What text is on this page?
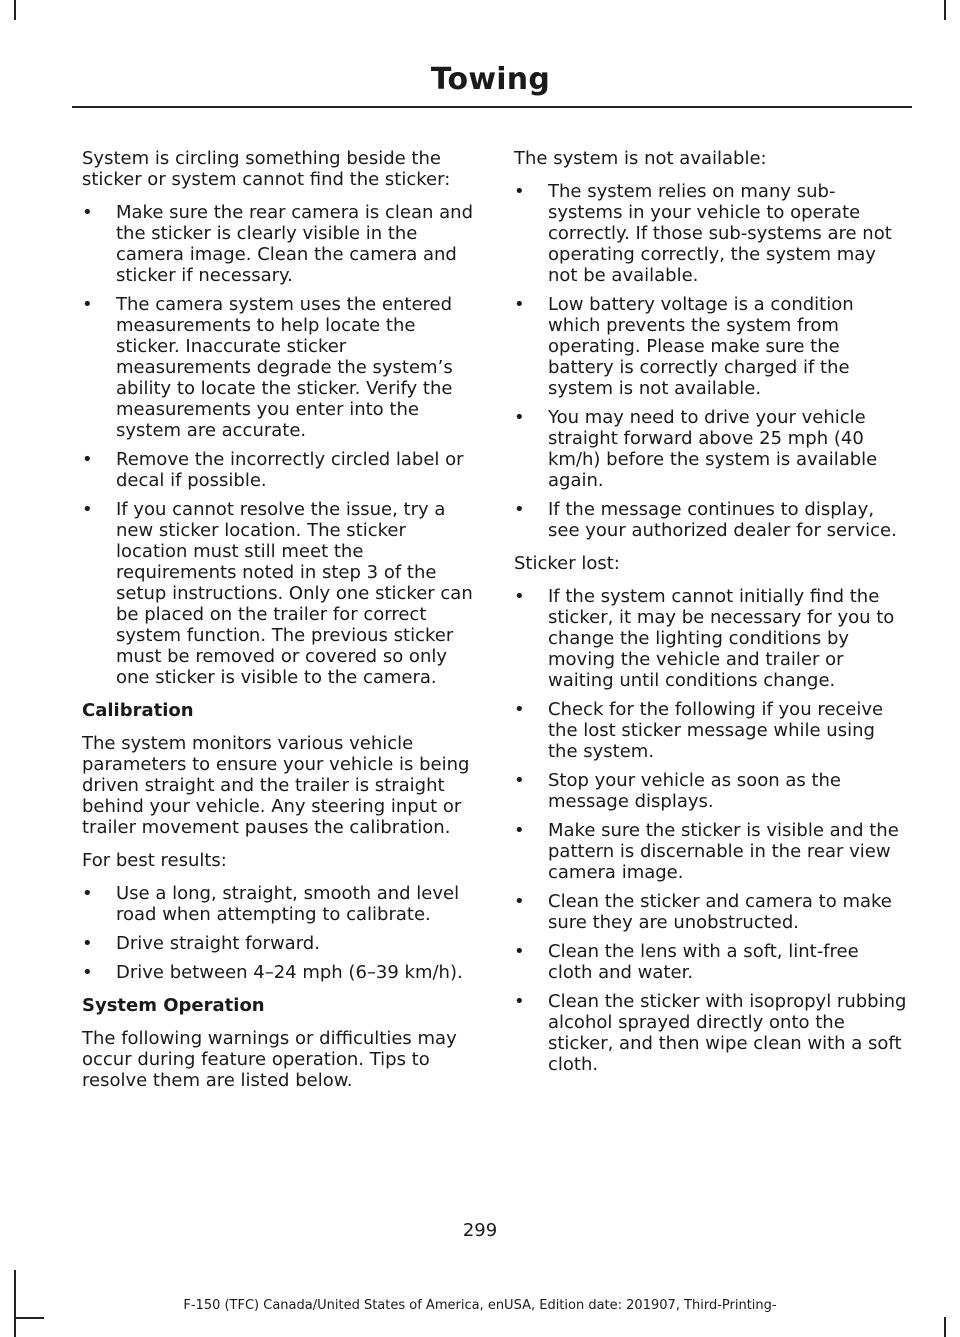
Towing

System is circling something beside the sticker or system cannot find the sticker:

• Make sure the rear camera is clean and the sticker is clearly visible in the camera image. Clean the camera and sticker if necessary.
• The camera system uses the entered measurements to help locate the sticker. Inaccurate sticker measurements degrade the system’s ability to locate the sticker. Verify the measurements you enter into the system are accurate.
• Remove the incorrectly circled label or decal if possible.
• If you cannot resolve the issue, try a new sticker location. The sticker location must still meet the requirements noted in step 3 of the setup instructions. Only one sticker can be placed on the trailer for correct system function. The previous sticker must be removed or covered so only one sticker is visible to the camera.
Calibration

The system monitors various vehicle parameters to ensure your vehicle is being driven straight and the trailer is straight behind your vehicle. Any steering input or trailer movement pauses the calibration.

For best results:

• Use a long, straight, smooth and level road when attempting to calibrate.
• Drive straight forward.
• Drive between 4–24 mph (6–39 km/h).
System Operation

The following warnings or difficulties may occur during feature operation. Tips to resolve them are listed below.

The system is not available:

• The system relies on many sub-systems in your vehicle to operate correctly. If those sub-systems are not operating correctly, the system may not be available.
• Low battery voltage is a condition which prevents the system from operating. Please make sure the battery is correctly charged if the system is not available.
• You may need to drive your vehicle straight forward above 25 mph (40 km/h) before the system is available again.
• If the message continues to display, see your authorized dealer for service.

Sticker lost:

• If the system cannot initially find the sticker, it may be necessary for you to change the lighting conditions by moving the vehicle and trailer or waiting until conditions change.
• Check for the following if you receive the lost sticker message while using the system.
• Stop your vehicle as soon as the message displays.
• Make sure the sticker is visible and the pattern is discernable in the rear view camera image.
• Clean the sticker and camera to make sure they are unobstructed.
• Clean the lens with a soft, lint-free cloth and water.
• Clean the sticker with isopropyl rubbing alcohol sprayed directly onto the sticker, and then wipe clean with a soft cloth.
299
F-150 (TFC) Canada/United States of America, enUSA, Edition date: 201907, Third-Printing-
